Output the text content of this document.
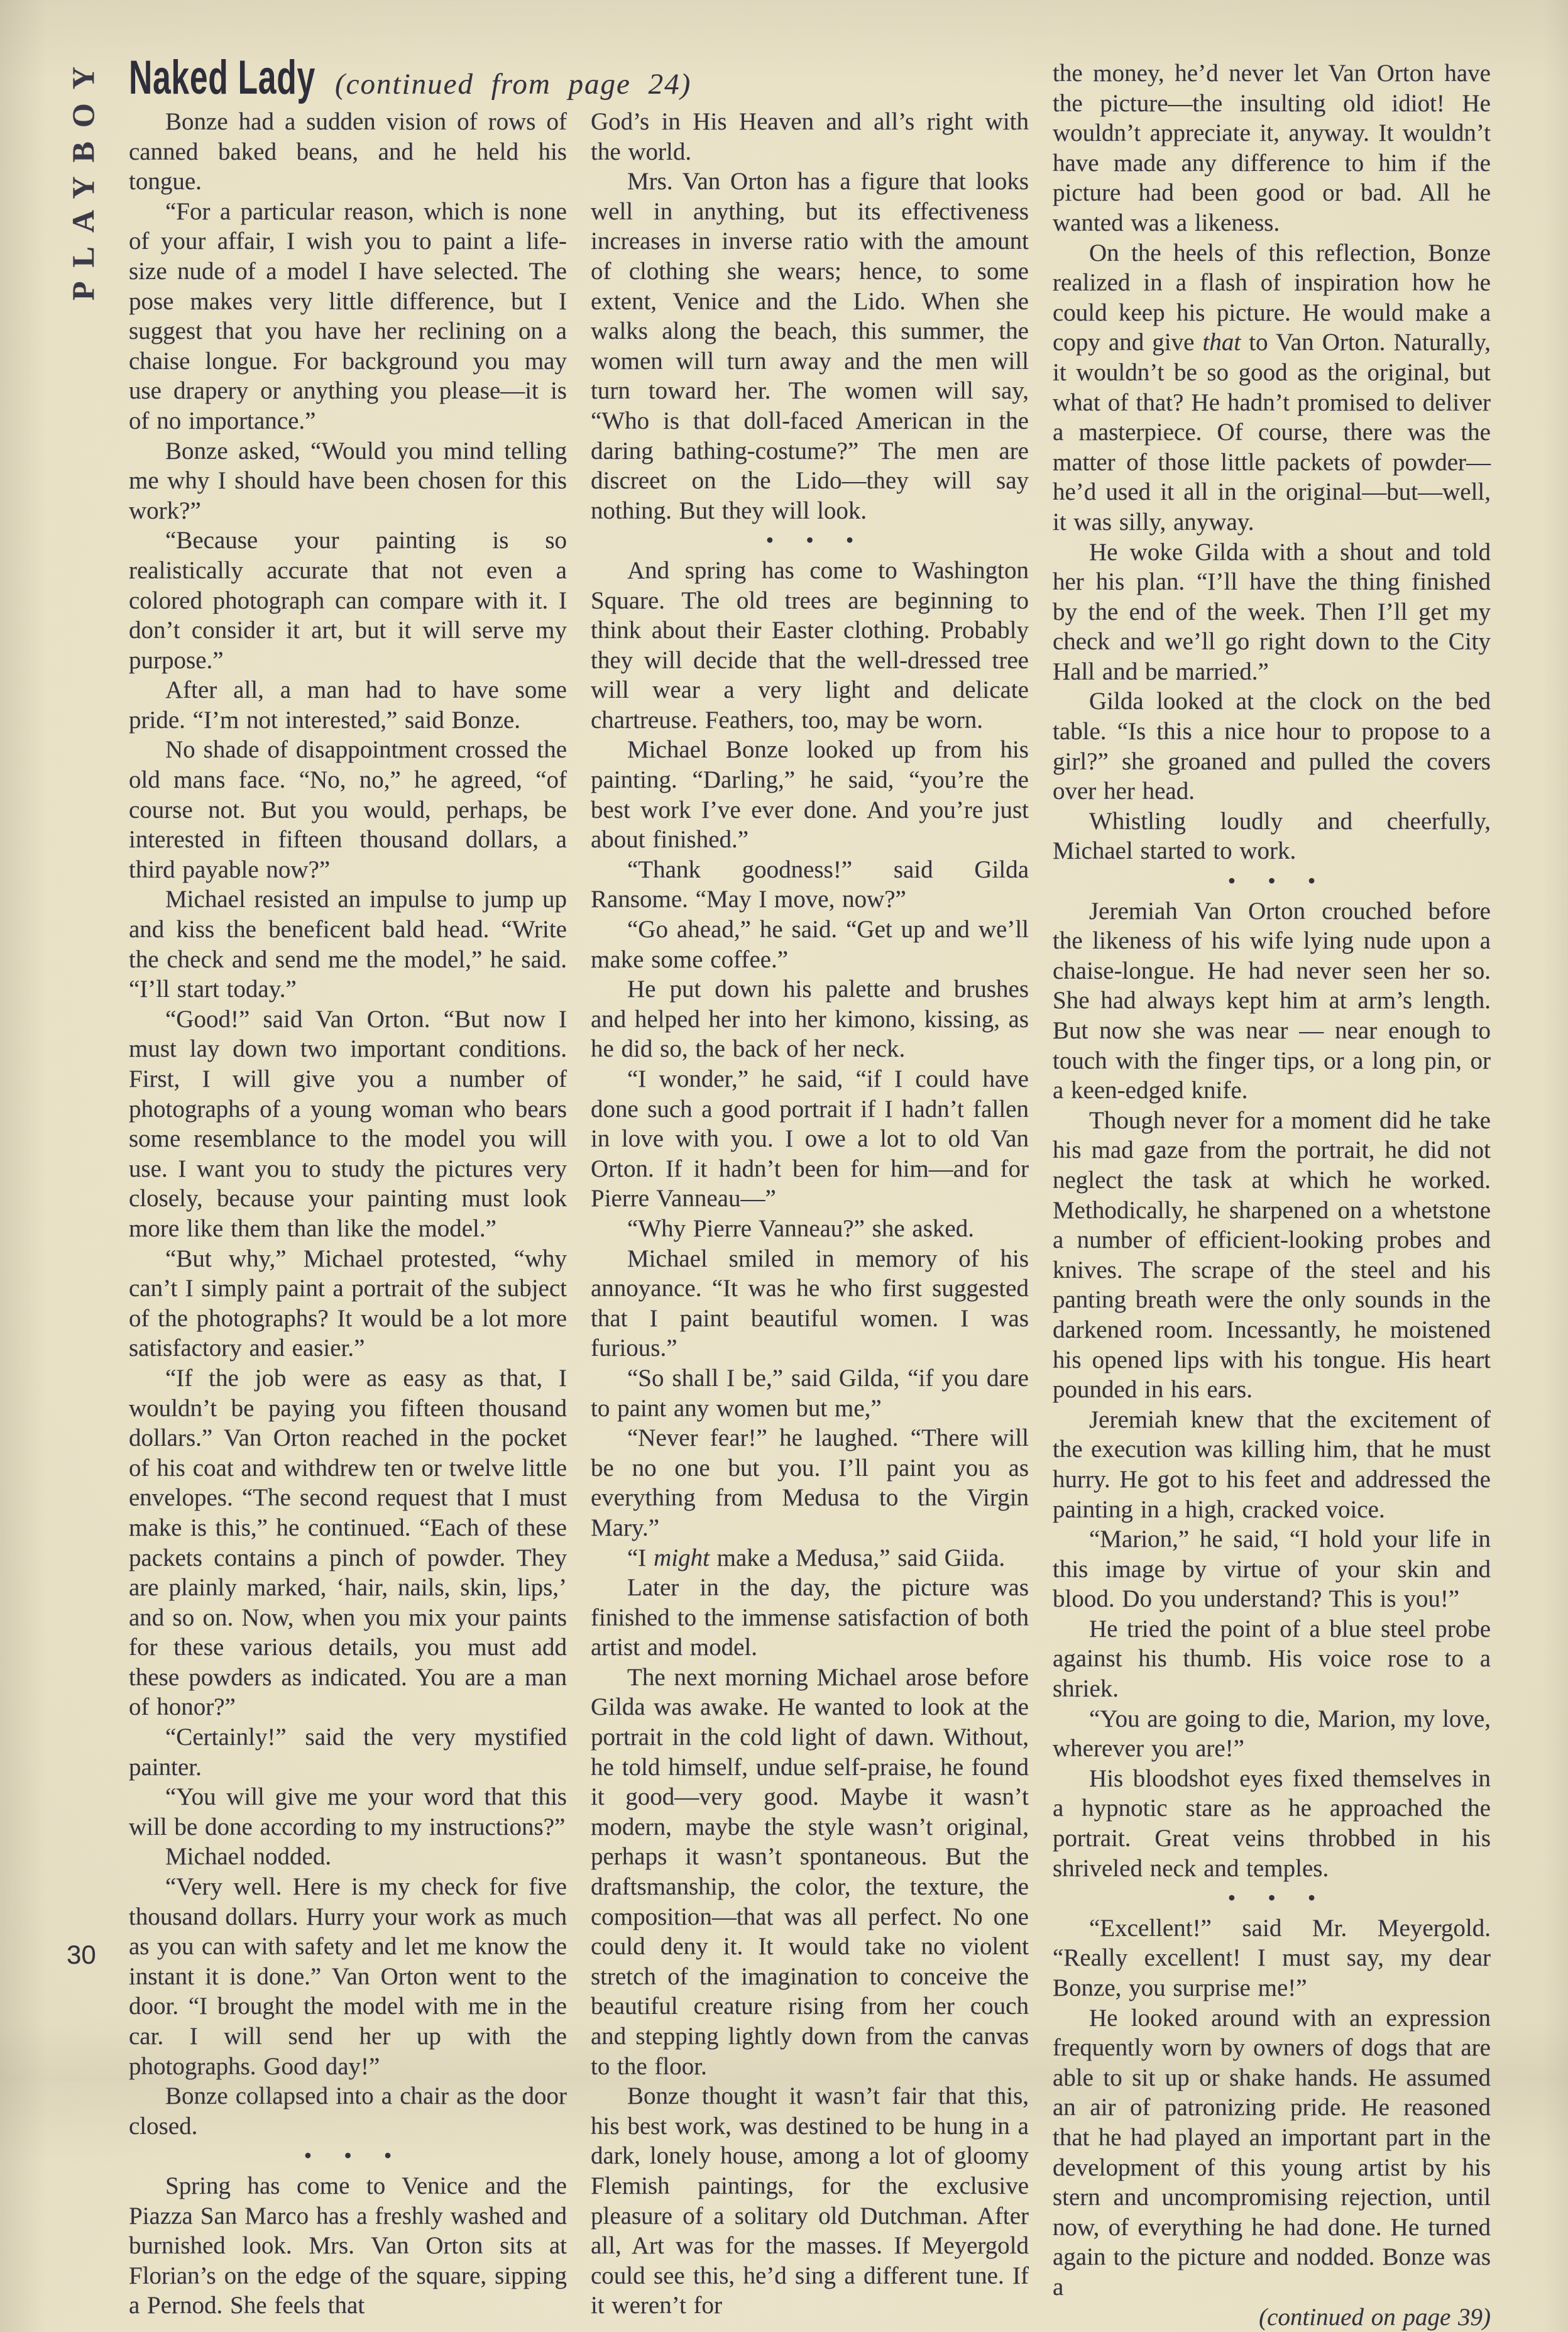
PLAYBOY Naked Lady (continued from page 24)

Bonze had a sudden vision of rows of canned baked beans, and he held his tongue.

“For a particular reason, which is none of your affair, I wish you to paint a life-size nude of a model I have selected. The pose makes very little difference, but I suggest that you have her reclining on a chaise longue. For background you may use drapery or anything you please—it is of no importance.”

Bonze asked, “Would you mind telling me why I should have been chosen for this work?”

“Because your painting is so realistically accurate that not even a colored photograph can compare with it. I don’t consider it art, but it will serve my purpose.”

After all, a man had to have some pride. “I’m not interested,” said Bonze.

No shade of disappointment crossed the old mans face. “No, no,” he agreed, “of course not. But you would, perhaps, be interested in fifteen thousand dollars, a third payable now?”

Michael resisted an impulse to jump up and kiss the beneficent bald head. “Write the check and send me the model,” he said. “I’ll start today.”

“Good!” said Van Orton. “But now I must lay down two important conditions. First, I will give you a number of photographs of a young woman who bears some resemblance to the model you will use. I want you to study the pictures very closely, because your painting must look more like them than like the model.”

“But why,” Michael protested, “why can’t I simply paint a portrait of the subject of the photographs? It would be a lot more satisfactory and easier.”

“If the job were as easy as that, I wouldn’t be paying you fifteen thousand dollars.” Van Orton reached in the pocket of his coat and withdrew ten or twelve little envelopes. “The second request that I must make is this,” he continued. “Each of these packets contains a pinch of powder. They are plainly marked, ‘hair, nails, skin, lips,’ and so on. Now, when you mix your paints for these various details, you must add these powders as indicated. You are a man of honor?”

“Certainly!” said the very mystified painter.

“You will give me your word that this will be done according to my instructions?”

Michael nodded.

“Very well. Here is my check for five thousand dollars. Hurry your work as much as you can with safety and let me know the instant it is done.” Van Orton went to the door. “I brought the model with me in the car. I will send her up with the photographs. Good day!”

Bonze collapsed into a chair as the door closed.

• • •

Spring has come to Venice and the Piazza San Marco has a freshly washed and burnished look. Mrs. Van Orton sits at Florian’s on the edge of the square, sipping a Pernod. She feels that

God’s in His Heaven and all’s right with the world.

Mrs. Van Orton has a figure that looks well in anything, but its effectiveness increases in inverse ratio with the amount of clothing she wears; hence, to some extent, Venice and the Lido. When she walks along the beach, this summer, the women will turn away and the men will turn toward her. The women will say, “Who is that doll-faced American in the daring bathing-costume?” The men are discreet on the Lido—they will say nothing. But they will look.

• • •

And spring has come to Washington Square. The old trees are beginning to think about their Easter clothing. Probably they will decide that the well-dressed tree will wear a very light and delicate chartreuse. Feathers, too, may be worn.

Michael Bonze looked up from his painting. “Darling,” he said, “you’re the best work I’ve ever done. And you’re just about finished.”

“Thank goodness!” said Gilda Ransome. “May I move, now?”

“Go ahead,” he said. “Get up and we’ll make some coffee.”

He put down his palette and brushes and helped her into her kimono, kissing, as he did so, the back of her neck.

“I wonder,” he said, “if I could have done such a good portrait if I hadn’t fallen in love with you. I owe a lot to old Van Orton. If it hadn’t been for him—and for Pierre Vanneau—”

“Why Pierre Vanneau?” she asked.

Michael smiled in memory of his annoyance. “It was he who first suggested that I paint beautiful women. I was furious.”

“So shall I be,” said Gilda, “if you dare to paint any women but me,”

“Never fear!” he laughed. “There will be no one but you. I’ll paint you as everything from Medusa to the Virgin Mary.”

“I might make a Medusa,” said Giida.

Later in the day, the picture was finished to the immense satisfaction of both artist and model.

The next morning Michael arose before Gilda was awake. He wanted to look at the portrait in the cold light of dawn. Without, he told himself, undue self-praise, he found it good—very good. Maybe it wasn’t modern, maybe the style wasn’t original, perhaps it wasn’t spontaneous. But the draftsmanship, the color, the texture, the composition—that was all perfect. No one could deny it. It would take no violent stretch of the imagination to conceive the beautiful creature rising from her couch and stepping lightly down from the canvas to the floor.

Bonze thought it wasn’t fair that this, his best work, was destined to be hung in a dark, lonely house, among a lot of gloomy Flemish paintings, for the exclusive pleasure of a solitary old Dutchman. After all, Art was for the masses. If Meyergold could see this, he’d sing a different tune. If it weren’t for

the money, he’d never let Van Orton have the picture—the insulting old idiot! He wouldn’t appreciate it, anyway. It wouldn’t have made any difference to him if the picture had been good or bad. All he wanted was a likeness.

On the heels of this reflection, Bonze realized in a flash of inspiration how he could keep his picture. He would make a copy and give that to Van Orton. Naturally, it wouldn’t be so good as the original, but what of that? He hadn’t promised to deliver a masterpiece. Of course, there was the matter of those little packets of powder—he’d used it all in the original—but—well, it was silly, anyway.

He woke Gilda with a shout and told her his plan. “I’ll have the thing finished by the end of the week. Then I’ll get my check and we’ll go right down to the City Hall and be married.”

Gilda looked at the clock on the bed table. “Is this a nice hour to propose to a girl?” she groaned and pulled the covers over her head.

Whistling loudly and cheerfully, Michael started to work.

• • •

Jeremiah Van Orton crouched before the likeness of his wife lying nude upon a chaise-longue. He had never seen her so. She had always kept him at arm’s length. But now she was near — near enough to touch with the finger tips, or a long pin, or a keen-edged knife.

Though never for a moment did he take his mad gaze from the portrait, he did not neglect the task at which he worked. Methodically, he sharpened on a whetstone a number of efficient-looking probes and knives. The scrape of the steel and his panting breath were the only sounds in the darkened room. Incessantly, he moistened his opened lips with his tongue. His heart pounded in his ears.

Jeremiah knew that the excitement of the execution was killing him, that he must hurry. He got to his feet and addressed the painting in a high, cracked voice.

“Marion,” he said, “I hold your life in this image by virtue of your skin and blood. Do you understand? This is you!”

He tried the point of a blue steel probe against his thumb. His voice rose to a shriek.

“You are going to die, Marion, my love, wherever you are!”

His bloodshot eyes fixed themselves in a hypnotic stare as he approached the portrait. Great veins throbbed in his shriveled neck and temples.

• • •

“Excellent!” said Mr. Meyergold. “Really excellent! I must say, my dear Bonze, you surprise me!”

He looked around with an expression frequently worn by owners of dogs that are able to sit up or shake hands. He assumed an air of patronizing pride. He reasoned that he had played an important part in the development of this young artist by his stern and uncompromising rejection, until now, of everything he had done. He turned again to the picture and nodded. Bonze was a

(continued on page 39)

30
